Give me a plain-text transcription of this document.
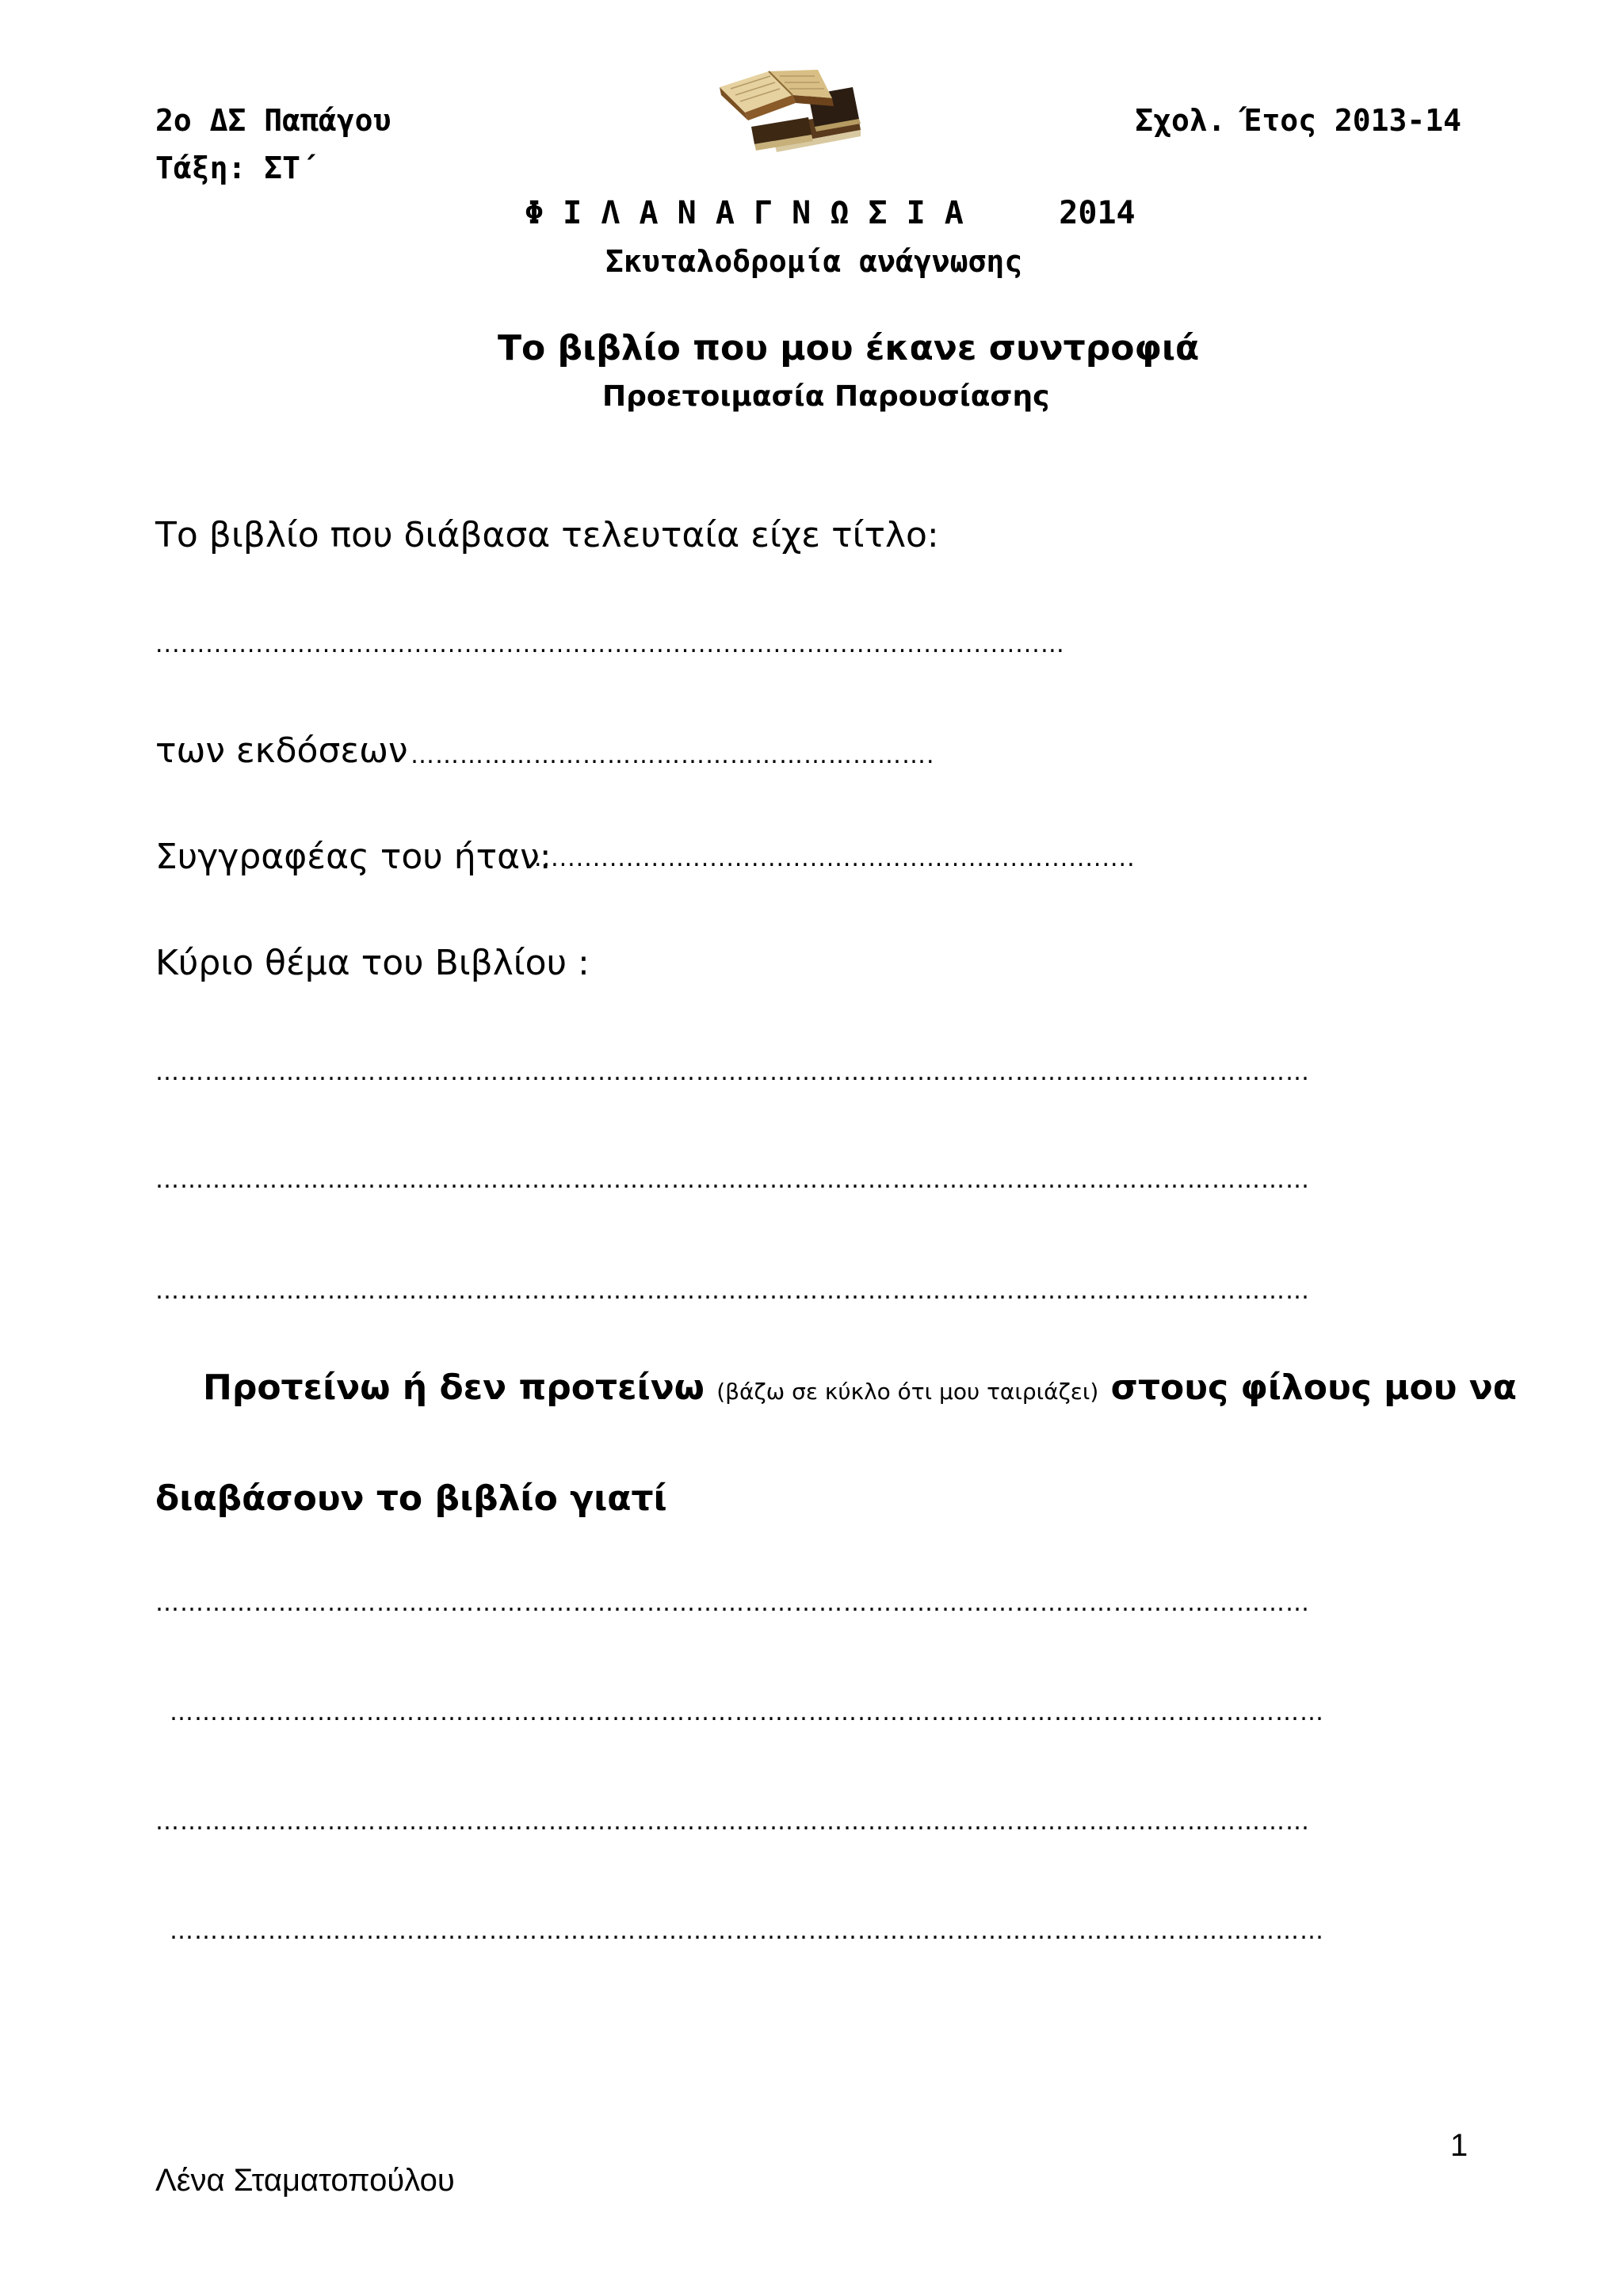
2ο ΔΣ Παπάγου
Τάξη: ΣΤ΄
Σχολ. Έτος 2013-14
Φ Ι Λ Α Ν Α Γ Ν Ω Σ Ι Α     2014
Σκυταλοδρομία ανάγνωσης
Το βιβλίο που μου έκανε συντροφιά
Προετοιμασία Παρουσίασης
Το βιβλίο που διάβασα τελευταία είχε τίτλο:
..........................................................................................................…
των εκδόσεων ……………………………………………………….
Συγγραφέας του ήταν:
........................................................................
Κύριο θέμα του Βιβλίου :
……………………………………………………………………………………………………………………………
……………………………………………………………………………………………………………………………
……………………………………………………………………………………………………………………………
Προτείνω ή δεν προτείνω (βάζω σε κύκλο ότι μου ταιριάζει) στους φίλους μου να
διαβάσουν το βιβλίο γιατί
……………………………………………………………………………………………………………………………
……………………………………………………………………………………………………………………………
……………………………………………………………………………………………………………………………
……………………………………………………………………………………………………………………………
1
Λένα Σταματοπούλου
